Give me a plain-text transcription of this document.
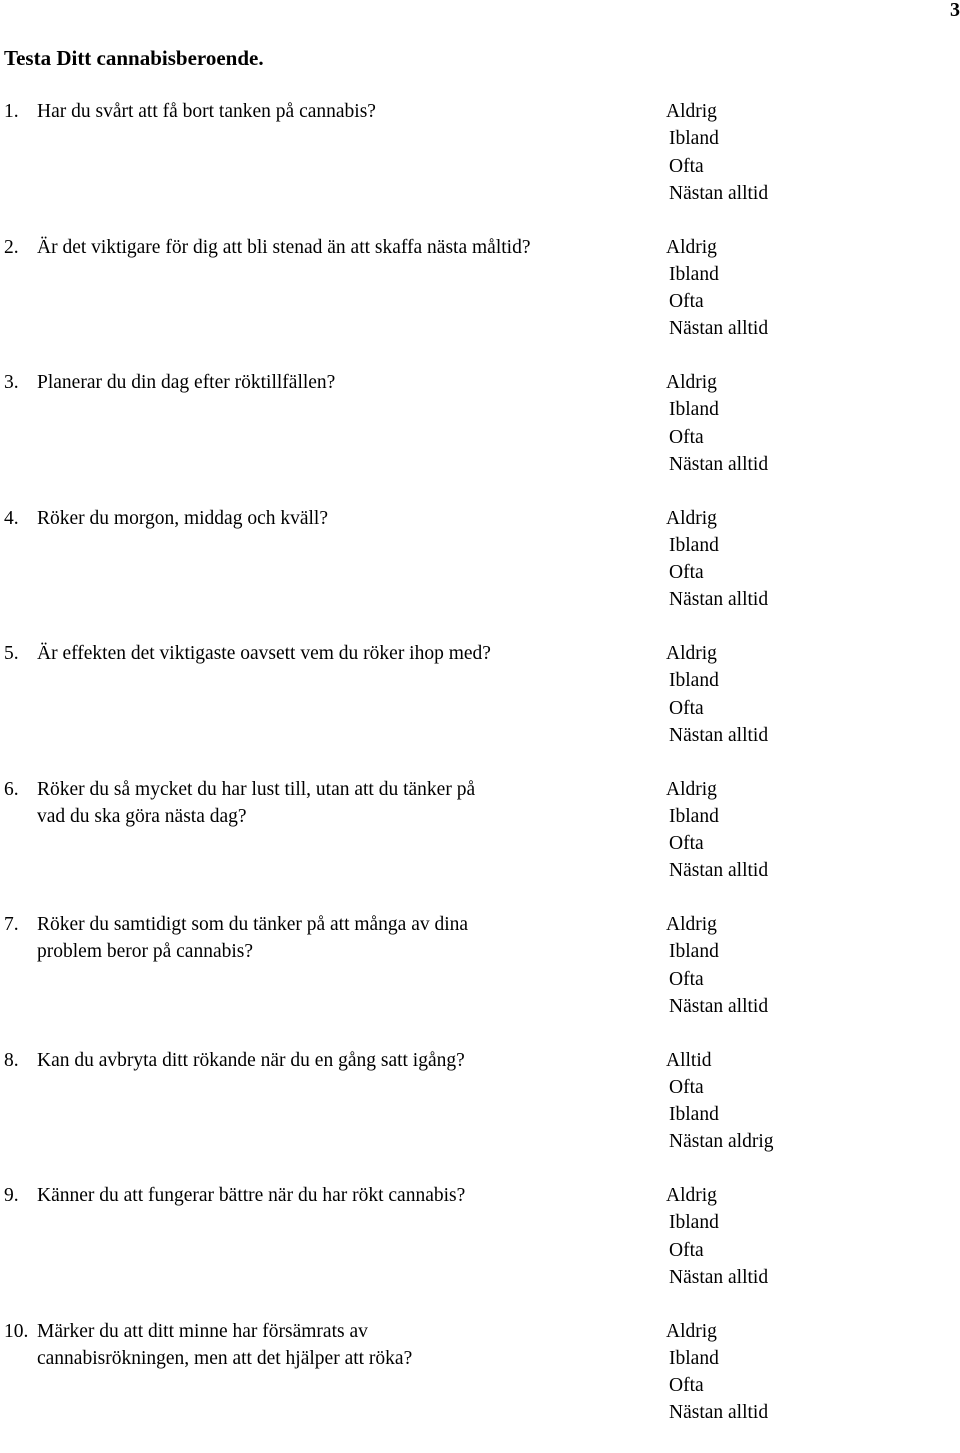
3
Testa Ditt cannabisberoende.
1. Har du svårt att få bort tanken på cannabis?	Aldrig
Ibland
Ofta
Nästan alltid
2. Är det viktigare för dig att bli stenad än att skaffa nästa måltid?	Aldrig
Ibland
Ofta
Nästan alltid
3. Planerar du din dag efter röktillfällen?	Aldrig
Ibland
Ofta
Nästan alltid
4. Röker du morgon, middag och kväll?	Aldrig
Ibland
Ofta
Nästan alltid
5. Är effekten det viktigaste oavsett vem du röker ihop med?	Aldrig
Ibland
Ofta
Nästan alltid
6. Röker du så mycket du har lust till, utan att du tänker på
vad du ska göra nästa dag?
Aldrig
Ibland
Ofta
Nästan alltid
7. Röker du samtidigt som du tänker på att många av dina
problem beror på cannabis?
Aldrig
Ibland
Ofta
Nästan alltid
8. Kan du avbryta ditt rökande när du en gång satt igång?	Alltid
Ofta
Ibland
Nästan aldrig
9. Känner du att fungerar bättre när du har rökt cannabis?	Aldrig
Ibland
Ofta
Nästan alltid
10. Märker du att ditt minne har försämrats av
cannabisrökningen, men att det hjälper att röka?
Aldrig
Ibland
Ofta
Nästan alltid
